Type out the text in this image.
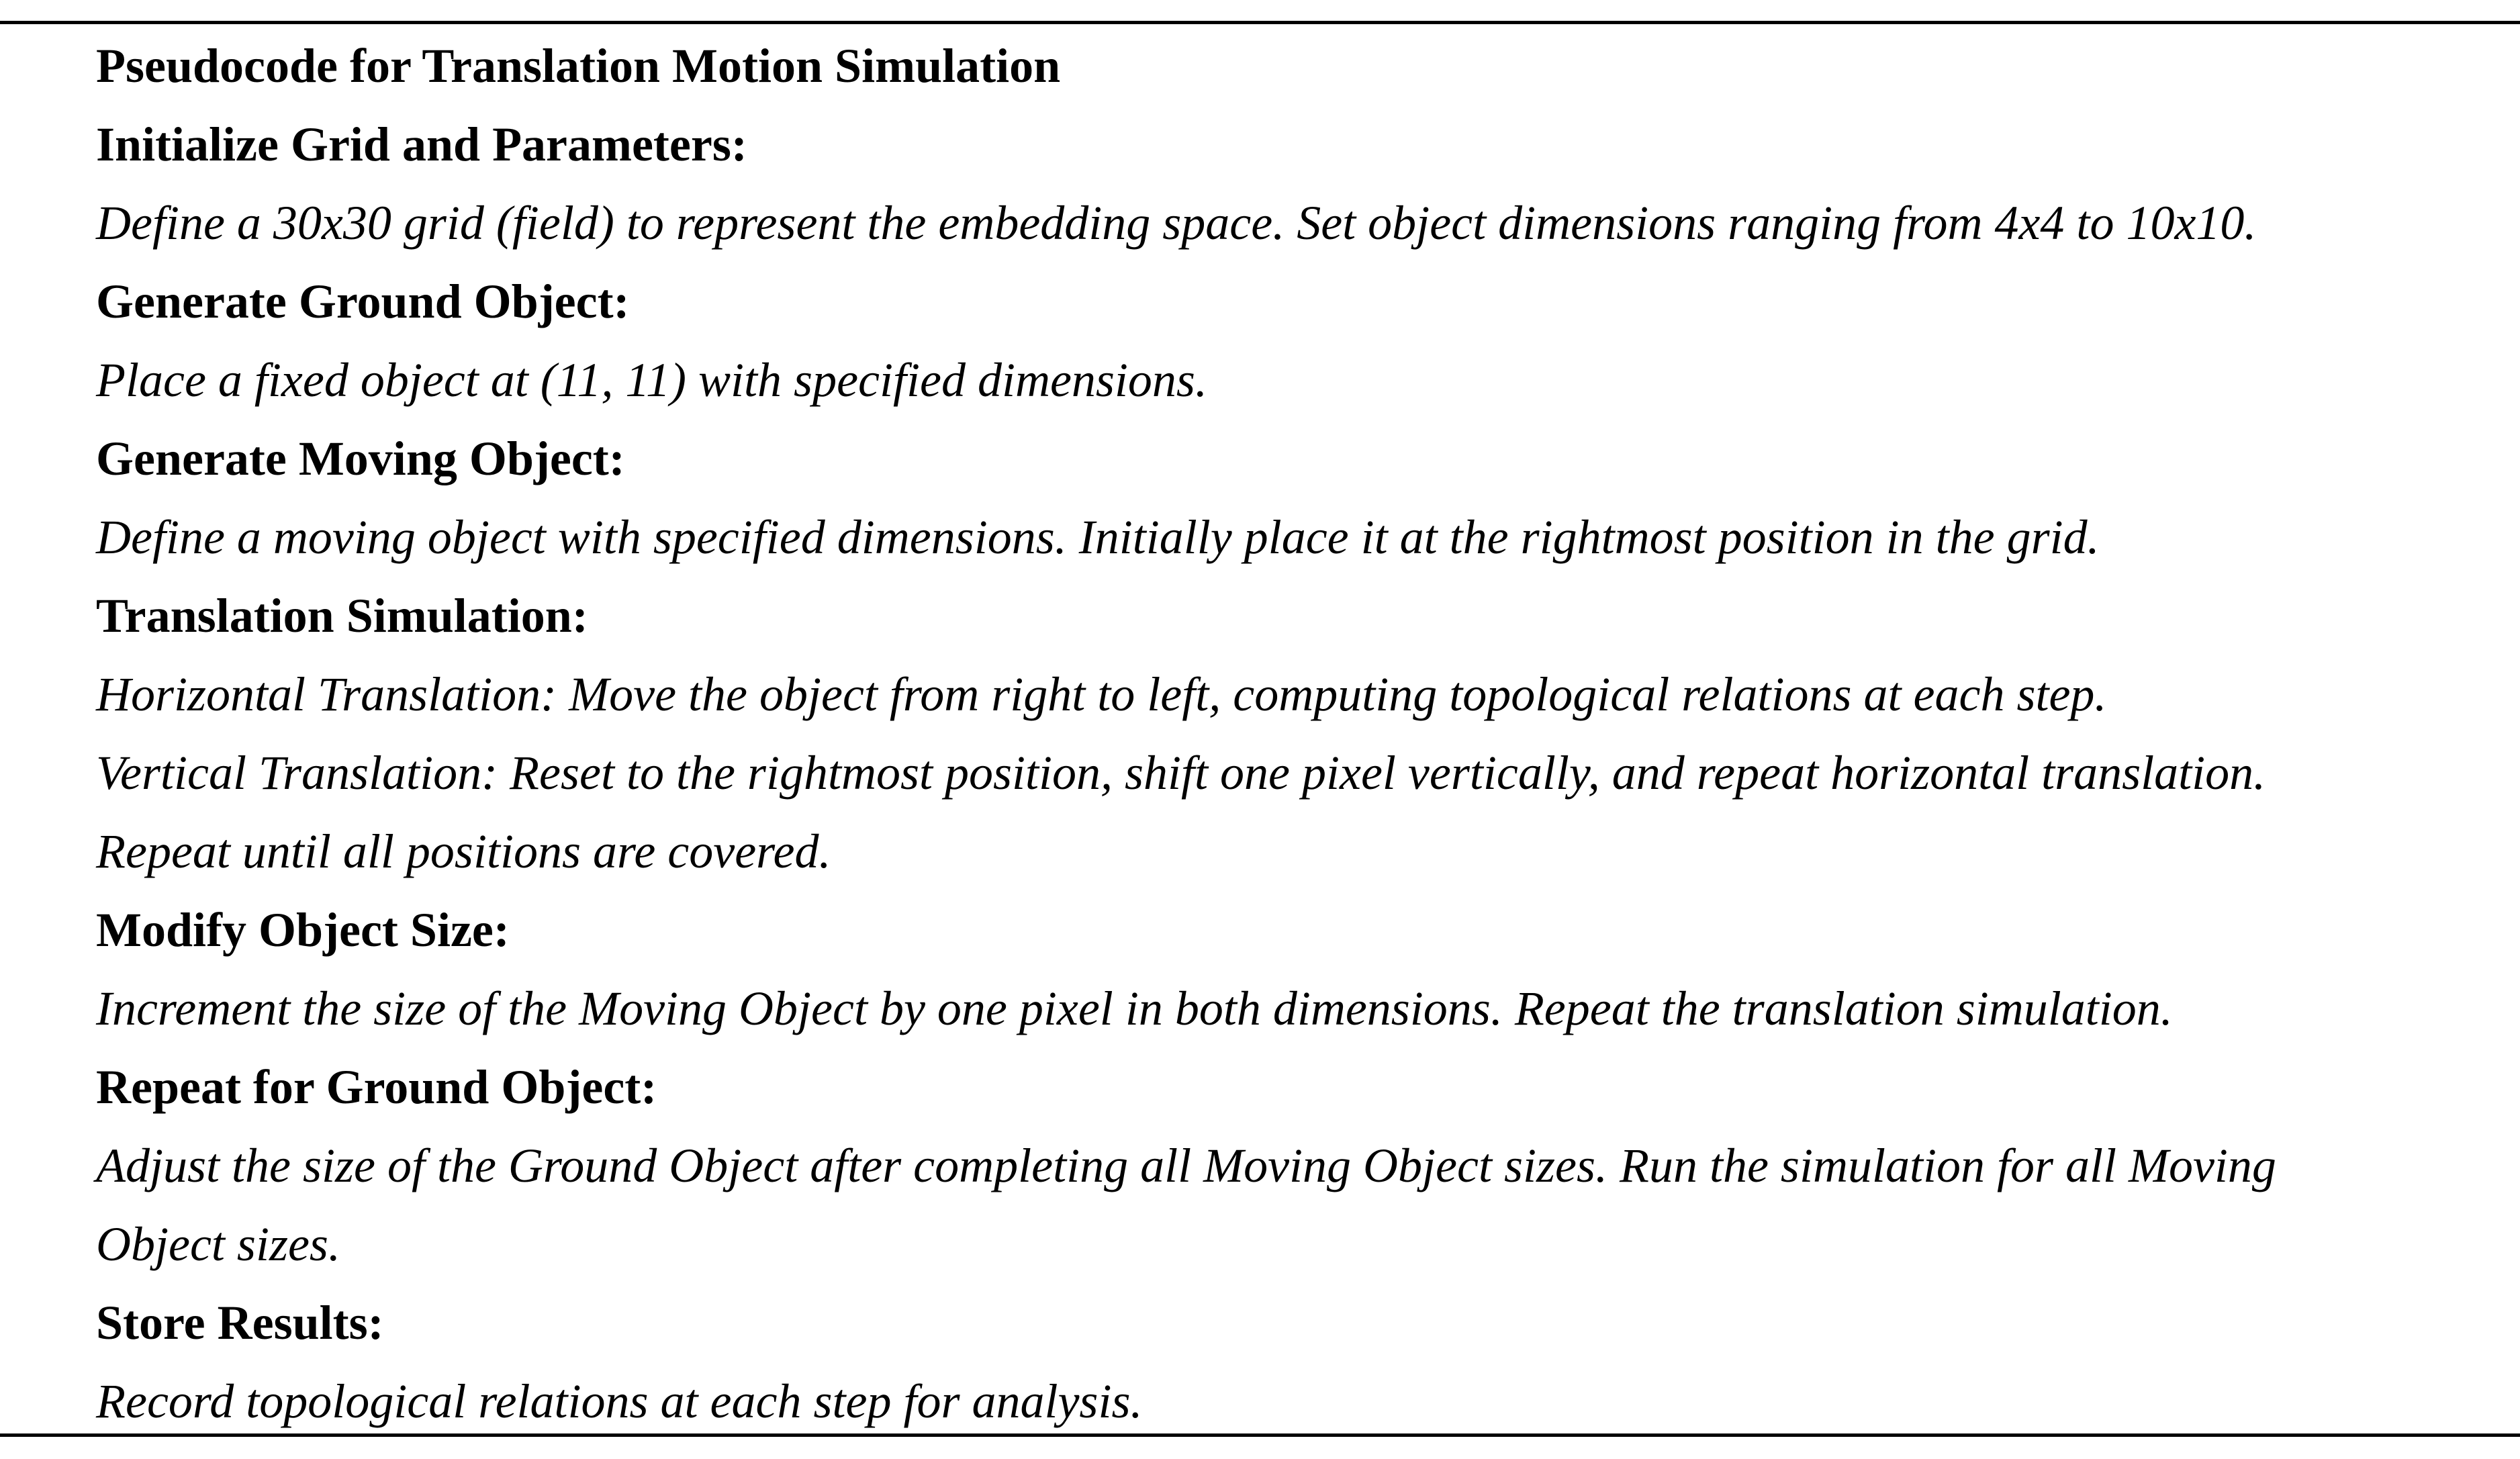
Pseudocode for Translation Motion Simulation
Initialize Grid and Parameters:
Define a 30x30 grid (field) to represent the embedding space. Set object dimensions ranging from 4x4 to 10x10.
Generate Ground Object:
Place a fixed object at (11, 11) with specified dimensions.
Generate Moving Object:
Define a moving object with specified dimensions. Initially place it at the rightmost position in the grid.
Translation Simulation:
Horizontal Translation: Move the object from right to left, computing topological relations at each step.
Vertical Translation: Reset to the rightmost position, shift one pixel vertically, and repeat horizontal translation.
Repeat until all positions are covered.
Modify Object Size:
Increment the size of the Moving Object by one pixel in both dimensions. Repeat the translation simulation.
Repeat for Ground Object:
Adjust the size of the Ground Object after completing all Moving Object sizes. Run the simulation for all Moving
Object sizes.
Store Results:
Record topological relations at each step for analysis.
